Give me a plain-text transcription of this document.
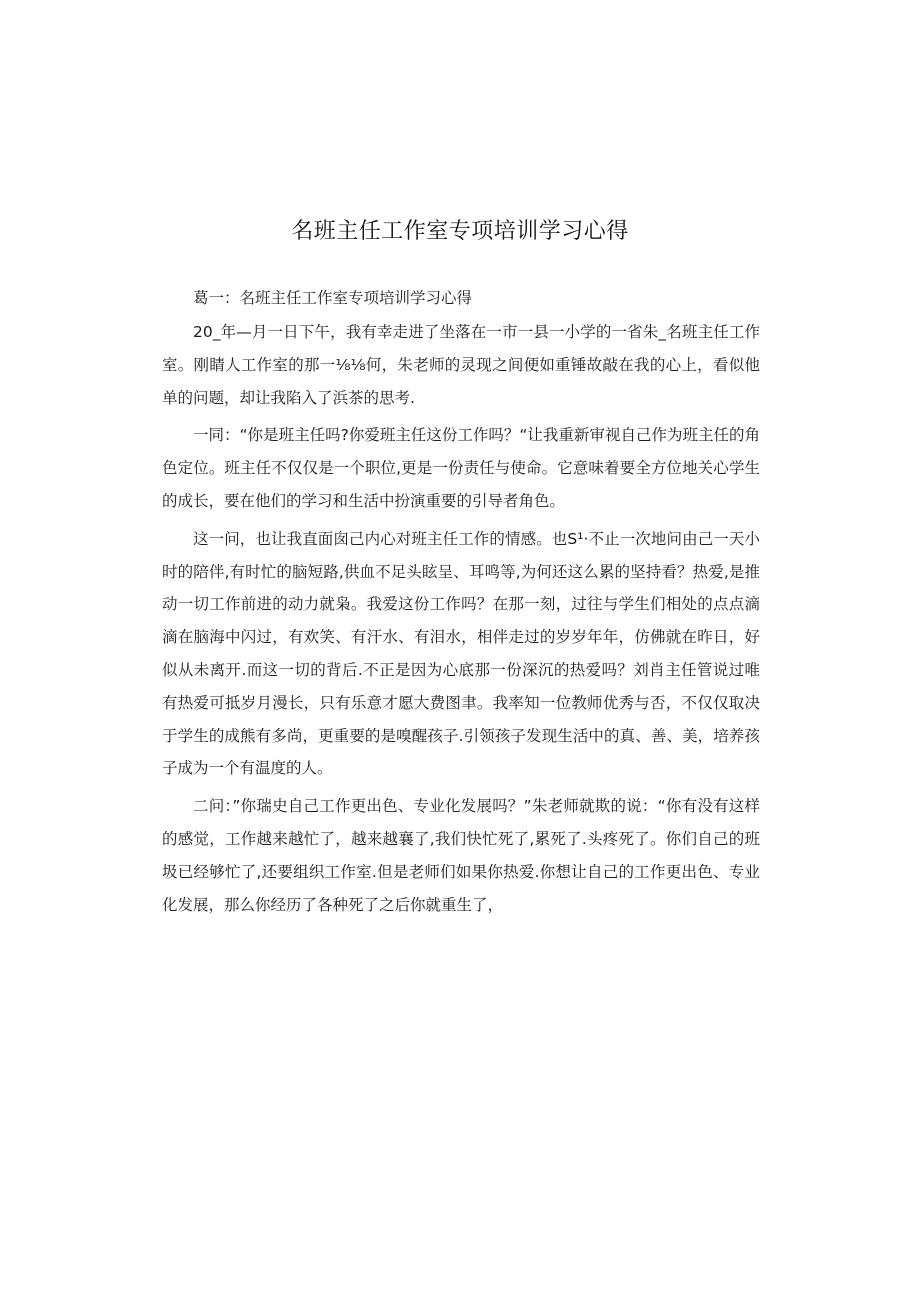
名班主任工作室专项培训学习心得

葛一：名班主任工作室专项培训学习心得

20_年—月一日下午，我有幸走进了坐落在一市一县一小学的一省朱_名班主任工作室。刚睛人工作室的那一⅛⅛何，朱老师的灵现之间便如重锤故敲在我的心上，看似他单的问题，却让我陷入了浜茶的思考.

一同：“你是班主任吗?你爱班主任这份工作吗？“让我重新审视自己作为班主任的角色定位。班主任不仅仅是一个职位,更是一份责任与使命。它意味着要全方位地关心学生的成长，要在他们的学习和生活中扮演重要的引导者角色。

这一问，也让我直面囱己内心对班主任工作的情感。也S¹·不止一次地问由己一天小时的陪伴,有时忙的脑短路,供血不足头眩呈、耳鸣等,为何还这么累的坚持看？热爱,是推动一切工作前进的动力就枭。我爱这份工作吗？在那一刻，过往与学生们相处的点点滴滴在脑海中闪过，有欢笑、有汗水、有泪水，相伴走过的岁岁年年，仿佛就在昨日，好似从未离开.而这一切的背后.不正是因为心底那一份深沉的热爱吗？刘肖主任管说过唯有热爱可抵岁月漫长，只有乐意才愿大费图聿。我率知一位教师优秀与否，不仅仅取决于学生的成熊有多尚，更重要的是嗅醒孩子.引领孩子发现生活中的真、善、美，培养孩子成为一个有温度的人。

二问：”你瑞史自己工作更出色、专业化发展吗？”朱老师就欺的说：“你有没有这样的感觉，工作越来越忙了，越来越襄了,我们快忙死了,累死了.头疼死了。你们自己的班圾已经够忙了,还要组织工作室.但是老师们如果你热爱.你想让自己的工作更出色、专业化发展，那么你经历了各种死了之后你就重生了，
